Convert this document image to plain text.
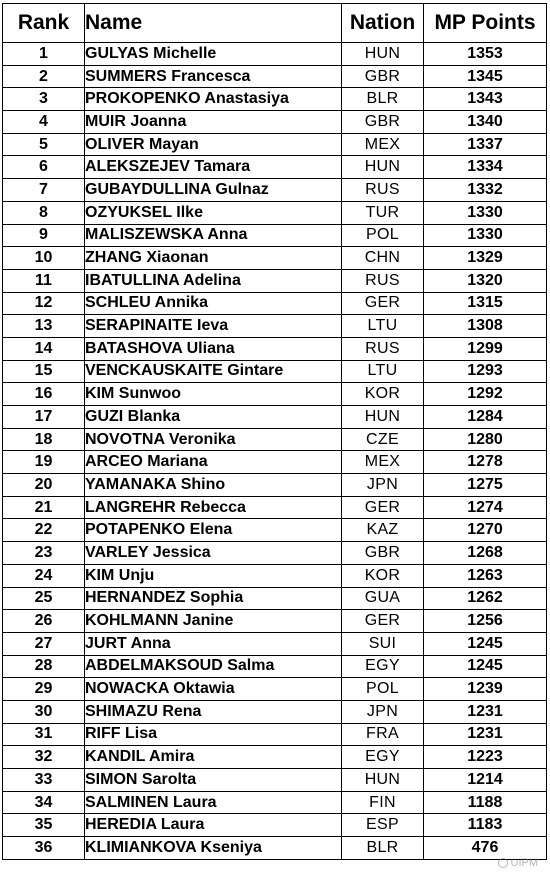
Rank	Name	Nation	MP Points
1	GULYAS Michelle	HUN	1353
2	SUMMERS Francesca	GBR	1345
3	PROKOPENKO Anastasiya	BLR	1343
4	MUIR Joanna	GBR	1340
5	OLIVER Mayan	MEX	1337
6	ALEKSZEJEV Tamara	HUN	1334
7	GUBAYDULLINA Gulnaz	RUS	1332
8	OZYUKSEL Ilke	TUR	1330
9	MALISZEWSKA Anna	POL	1330
10	ZHANG Xiaonan	CHN	1329
11	IBATULLINA Adelina	RUS	1320
12	SCHLEU Annika	GER	1315
13	SERAPINAITE Ieva	LTU	1308
14	BATASHOVA Uliana	RUS	1299
15	VENCKAUSKAITE Gintare	LTU	1293
16	KIM Sunwoo	KOR	1292
17	GUZI Blanka	HUN	1284
18	NOVOTNA Veronika	CZE	1280
19	ARCEO Mariana	MEX	1278
20	YAMANAKA Shino	JPN	1275
21	LANGREHR Rebecca	GER	1274
22	POTAPENKO Elena	KAZ	1270
23	VARLEY Jessica	GBR	1268
24	KIM Unju	KOR	1263
25	HERNANDEZ Sophia	GUA	1262
26	KOHLMANN Janine	GER	1256
27	JURT Anna	SUI	1245
28	ABDELMAKSOUD Salma	EGY	1245
29	NOWACKA Oktawia	POL	1239
30	SHIMAZU Rena	JPN	1231
31	RIFF Lisa	FRA	1231
32	KANDIL Amira	EGY	1223
33	SIMON Sarolta	HUN	1214
34	SALMINEN Laura	FIN	1188
35	HEREDIA Laura	ESP	1183
36	KLIMIANKOVA Kseniya	BLR	476
UIPM
